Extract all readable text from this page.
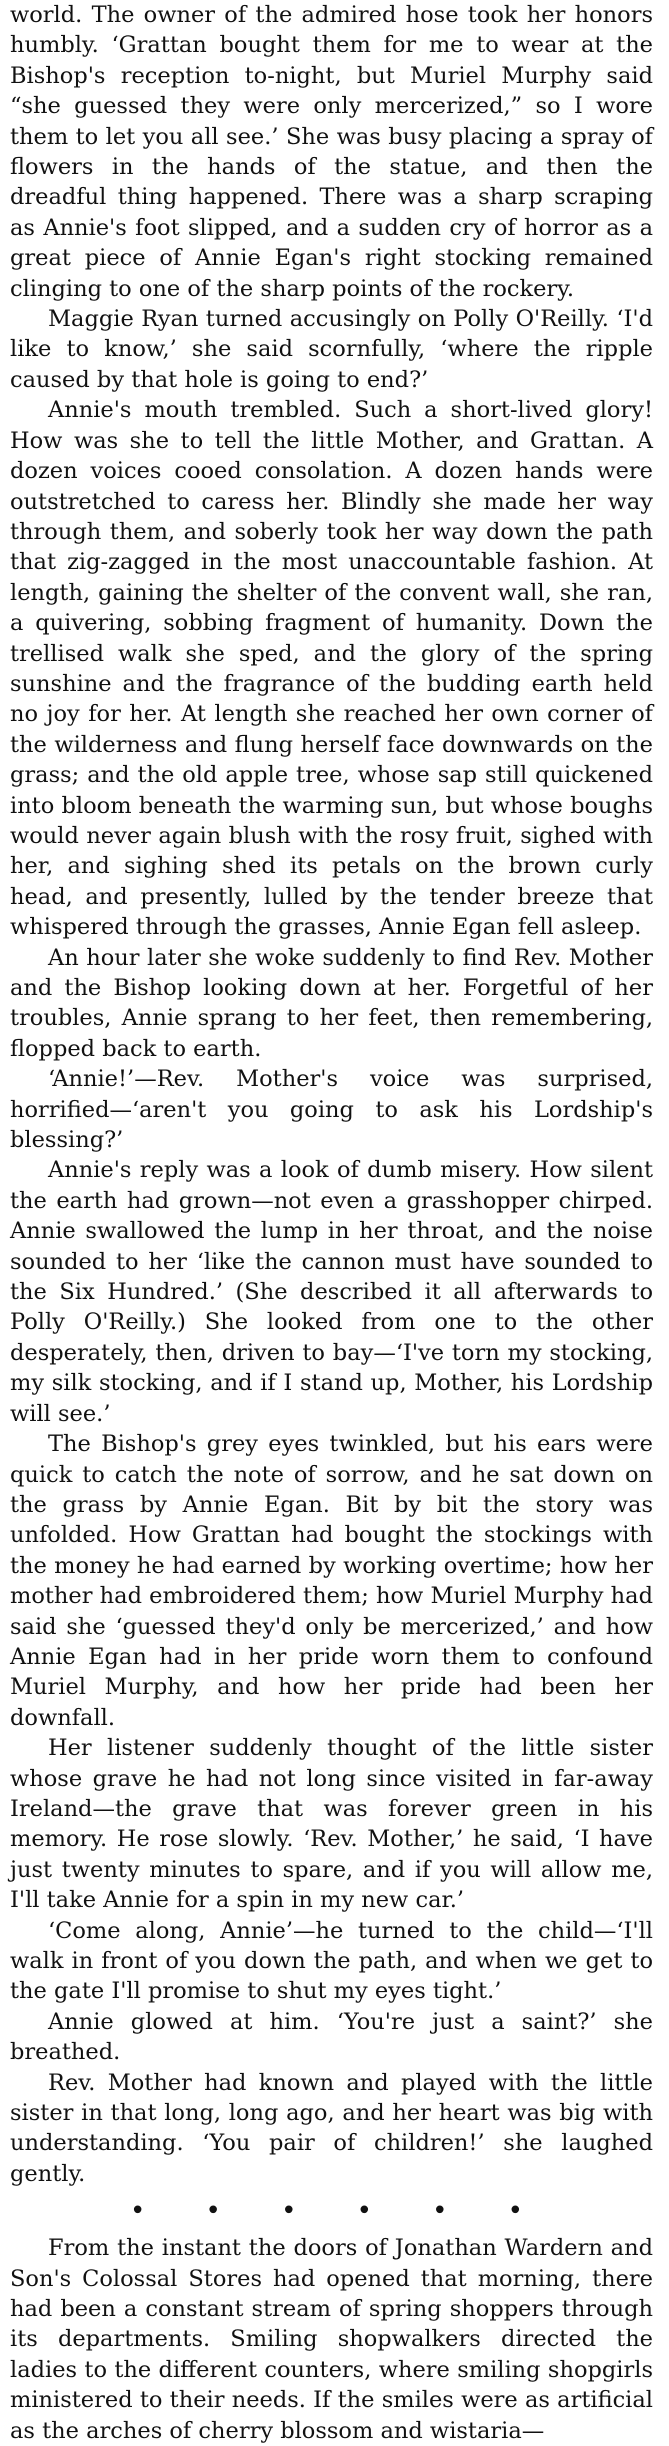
world. The owner of the admired hose took her honors humbly. ‘Grattan bought them for me to wear at the Bishop's reception to-night, but Muriel Murphy said “she guessed they were only mercerized,” so I wore them to let you all see.’ She was busy placing a spray of flowers in the hands of the statue, and then the dreadful thing happened. There was a sharp scraping as Annie's foot slipped, and a sudden cry of horror as a great piece of Annie Egan's right stocking remained clinging to one of the sharp points of the rockery.

Maggie Ryan turned accusingly on Polly O'Reilly. ‘I'd like to know,’ she said scornfully, ‘where the ripple caused by that hole is going to end?’

Annie's mouth trembled. Such a short-lived glory! How was she to tell the little Mother, and Grattan. A dozen voices cooed consolation. A dozen hands were outstretched to caress her. Blindly she made her way through them, and soberly took her way down the path that zig-zagged in the most unaccountable fashion. At length, gaining the shelter of the convent wall, she ran, a quivering, sobbing fragment of humanity. Down the trellised walk she sped, and the glory of the spring sunshine and the fragrance of the budding earth held no joy for her. At length she reached her own corner of the wilderness and flung herself face downwards on the grass; and the old apple tree, whose sap still quickened into bloom beneath the warming sun, but whose boughs would never again blush with the rosy fruit, sighed with her, and sighing shed its petals on the brown curly head, and presently, lulled by the tender breeze that whispered through the grasses, Annie Egan fell asleep.

An hour later she woke suddenly to find Rev. Mother and the Bishop looking down at her. Forgetful of her troubles, Annie sprang to her feet, then remembering, flopped back to earth.

‘Annie!’—Rev. Mother's voice was surprised, horrified—‘aren't you going to ask his Lordship's blessing?’

Annie's reply was a look of dumb misery. How silent the earth had grown—not even a grasshopper chirped. Annie swallowed the lump in her throat, and the noise sounded to her ‘like the cannon must have sounded to the Six Hundred.’ (She described it all afterwards to Polly O'Reilly.) She looked from one to the other desperately, then, driven to bay—‘I've torn my stocking, my silk stocking, and if I stand up, Mother, his Lordship will see.’

The Bishop's grey eyes twinkled, but his ears were quick to catch the note of sorrow, and he sat down on the grass by Annie Egan. Bit by bit the story was unfolded. How Grattan had bought the stockings with the money he had earned by working overtime; how her mother had embroidered them; how Muriel Murphy had said she ‘guessed they'd only be mercerized,’ and how Annie Egan had in her pride worn them to confound Muriel Murphy, and how her pride had been her downfall.

Her listener suddenly thought of the little sister whose grave he had not long since visited in far-away Ireland—the grave that was forever green in his memory. He rose slowly. ‘Rev. Mother,’ he said, ‘I have just twenty minutes to spare, and if you will allow me, I'll take Annie for a spin in my new car.’

‘Come along, Annie’—he turned to the child—‘I'll walk in front of you down the path, and when we get to the gate I'll promise to shut my eyes tight.’

Annie glowed at him. ‘You're just a saint?’ she breathed.

Rev. Mother had known and played with the little sister in that long, long ago, and her heart was big with understanding. ‘You pair of children!’ she laughed gently.

• • • • • •

From the instant the doors of Jonathan Wardern and Son's Colossal Stores had opened that morning, there had been a constant stream of spring shoppers through its departments. Smiling shopwalkers directed the ladies to the different counters, where smiling shopgirls ministered to their needs. If the smiles were as artificial as the arches of cherry blossom and wistaria—
